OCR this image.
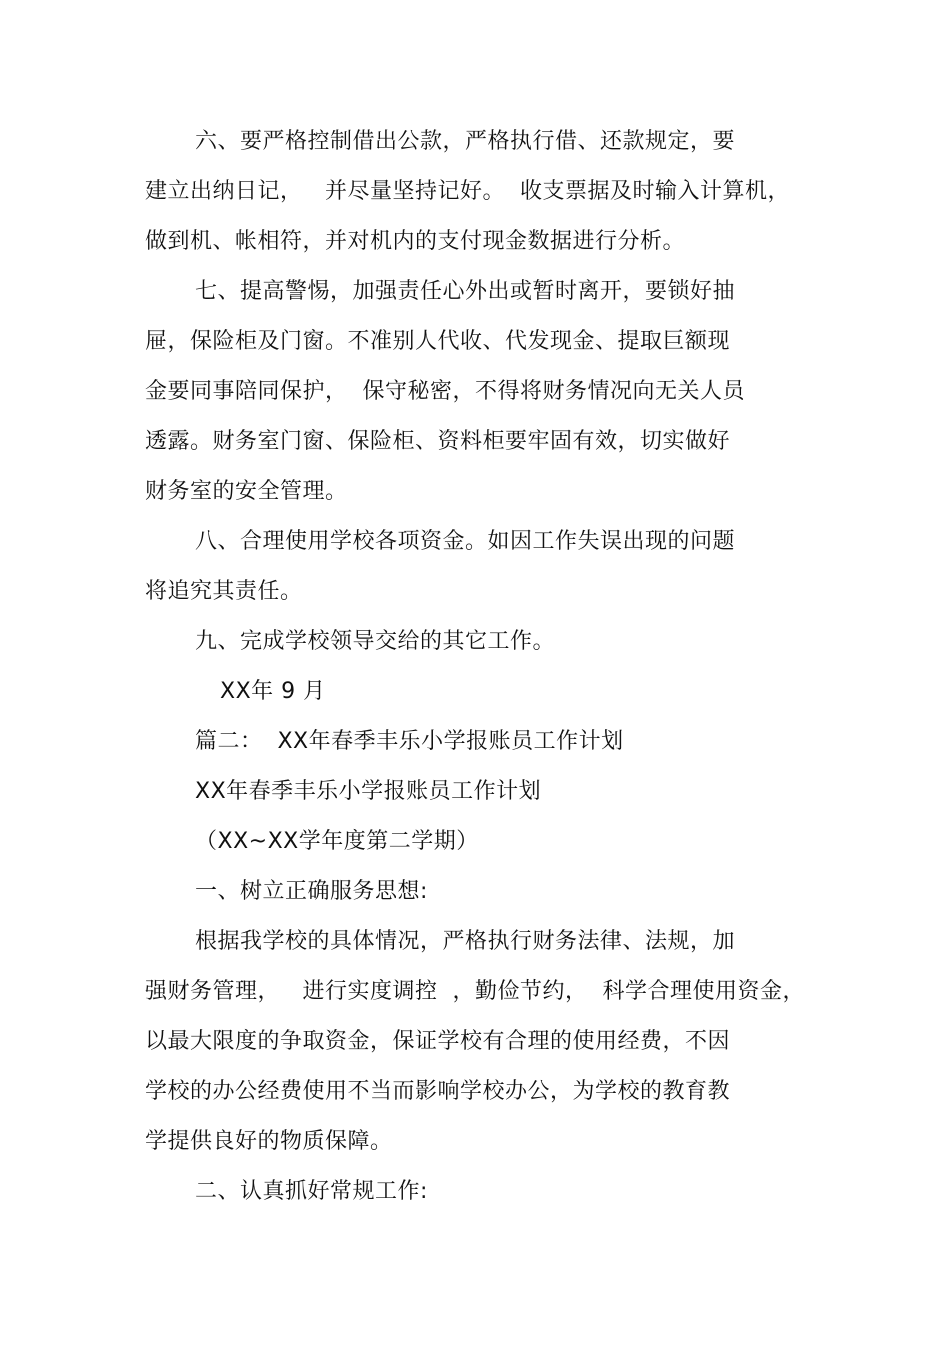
六、要严格控制借出公款，严格执行借、还款规定，要
建立出纳日记，   并尽量坚持记好。  收支票据及时输入计算机，
做到机、帐相符，并对机内的支付现金数据进行分析。
七、提高警惕，加强责任心外出或暂时离开，要锁好抽
屉，保险柜及门窗。不准别人代收、代发现金、提取巨额现
金要同事陪同保护，  保守秘密，不得将财务情况向无关人员
透露。财务室门窗、保险柜、资料柜要牢固有效，切实做好
财务室的安全管理。
八、合理使用学校各项资金。如因工作失误出现的问题
将追究其责任。
九、完成学校领导交给的其它工作。
XX年 9 月
篇二：  XX年春季丰乐小学报账员工作计划
XX年春季丰乐小学报账员工作计划
（XX~XX学年度第二学期）
一、树立正确服务思想:
根据我学校的具体情况，严格执行财务法律、法规，加
强财务管理，   进行实度调控  ，勤俭节约，  科学合理使用资金，
以最大限度的争取资金，保证学校有合理的使用经费，不因
学校的办公经费使用不当而影响学校办公，为学校的教育教
学提供良好的物质保障。
二、认真抓好常规工作:
